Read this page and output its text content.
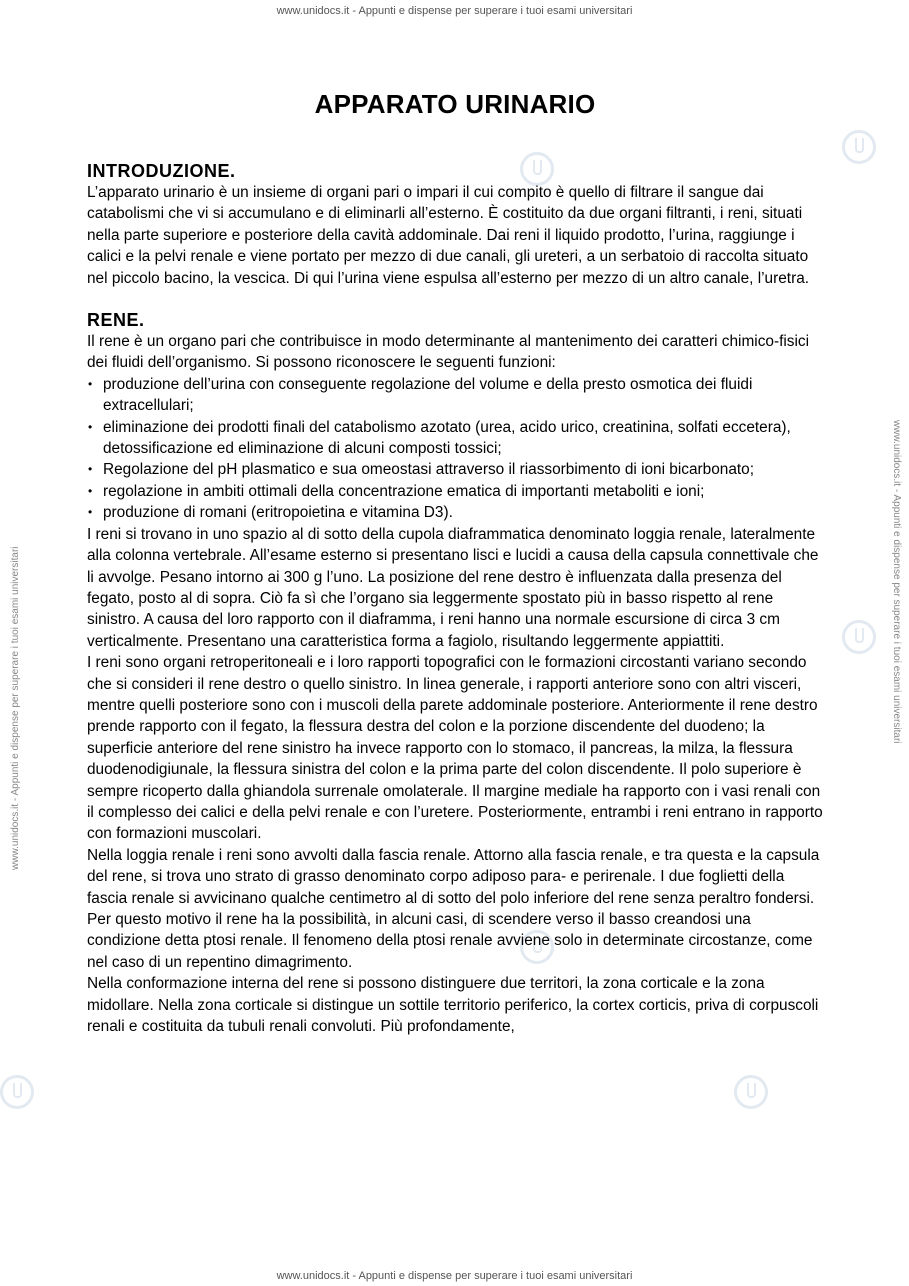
www.unidocs.it - Appunti e dispense per superare i tuoi esami universitari
www.unidocs.it - Appunti e dispense per superare i tuoi esami universitari	www.unidocs.it - Appunti e dispense per superare i tuoi esami universitari
APPARATO URINARIO
INTRODUZIONE.

L’apparato urinario è un insieme di organi pari o impari il cui compito è quello di filtrare il sangue dai catabolismi che vi si accumulano e di eliminarli all’esterno. È costituito da due organi filtranti, i reni, situati nella parte superiore e posteriore della cavità addominale. Dai reni il liquido prodotto, l’urina, raggiunge i calici e la pelvi renale e viene portato per mezzo di due canali, gli ureteri, a un serbatoio di raccolta situato nel piccolo bacino, la vescica. Di qui l’urina viene espulsa all’esterno per mezzo di un altro canale, l’uretra.

RENE.

Il rene è un organo pari che contribuisce in modo determinante al mantenimento dei caratteri chimico-fisici dei fluidi dell’organismo. Si possono riconoscere le seguenti funzioni:

• produzione dell’urina con conseguente regolazione del volume e della presto osmotica dei fluidi extracellulari;
• eliminazione dei prodotti finali del catabolismo azotato (urea, acido urico, creatinina, solfati eccetera), detossificazione ed eliminazione di alcuni composti tossici;
• Regolazione del pH plasmatico e sua omeostasi attraverso il riassorbimento di ioni bicarbonato;
• regolazione in ambiti ottimali della concentrazione ematica di importanti metaboliti e ioni;
• produzione di romani (eritropoietina e vitamina D3).

I reni si trovano in uno spazio al di sotto della cupola diaframmatica denominato loggia renale, lateralmente alla colonna vertebrale. All’esame esterno si presentano lisci e lucidi a causa della capsula connettivale che li avvolge. Pesano intorno ai 300 g l’uno. La posizione del rene destro è influenzata dalla presenza del fegato, posto al di sopra. Ciò fa sì che l’organo sia leggermente spostato più in basso rispetto al rene sinistro. A causa del loro rapporto con il diaframma, i reni hanno una normale escursione di circa 3 cm verticalmente. Presentano una caratteristica forma a fagiolo, risultando leggermente appiattiti.

I reni sono organi retroperitoneali e i loro rapporti topografici con le formazioni circostanti variano secondo che si consideri il rene destro o quello sinistro. In linea generale, i rapporti anteriore sono con altri visceri, mentre quelli posteriore sono con i muscoli della parete addominale posteriore. Anteriormente il rene destro prende rapporto con il fegato, la flessura destra del colon e la porzione discendente del duodeno; la superficie anteriore del rene sinistro ha invece rapporto con lo stomaco, il pancreas, la milza, la flessura duodenodigiunale, la flessura sinistra del colon e la prima parte del colon discendente. Il polo superiore è sempre ricoperto dalla ghiandola surrenale omolaterale. Il margine mediale ha rapporto con i vasi renali con il complesso dei calici e della pelvi renale e con l’uretere. Posteriormente, entrambi i reni entrano in rapporto con formazioni muscolari.

Nella loggia renale i reni sono avvolti dalla fascia renale. Attorno alla fascia renale, e tra questa e la capsula del rene, si trova uno strato di grasso denominato corpo adiposo para- e perirenale. I due foglietti della fascia renale si avvicinano qualche centimetro al di sotto del polo inferiore del rene senza peraltro fondersi. Per questo motivo il rene ha la possibilità, in alcuni casi, di scendere verso il basso creandosi una condizione detta ptosi renale. Il fenomeno della ptosi renale avviene solo in determinate circostanze, come nel caso di un repentino dimagrimento.

Nella conformazione interna del rene si possono distinguere due territori, la zona corticale e la zona midollare. Nella zona corticale si distingue un sottile territorio periferico, la cortex corticis, priva di corpuscoli renali e costituita da tubuli renali convoluti. Più profondamente,

www.unidocs.it - Appunti e dispense per superare i tuoi esami universitari
